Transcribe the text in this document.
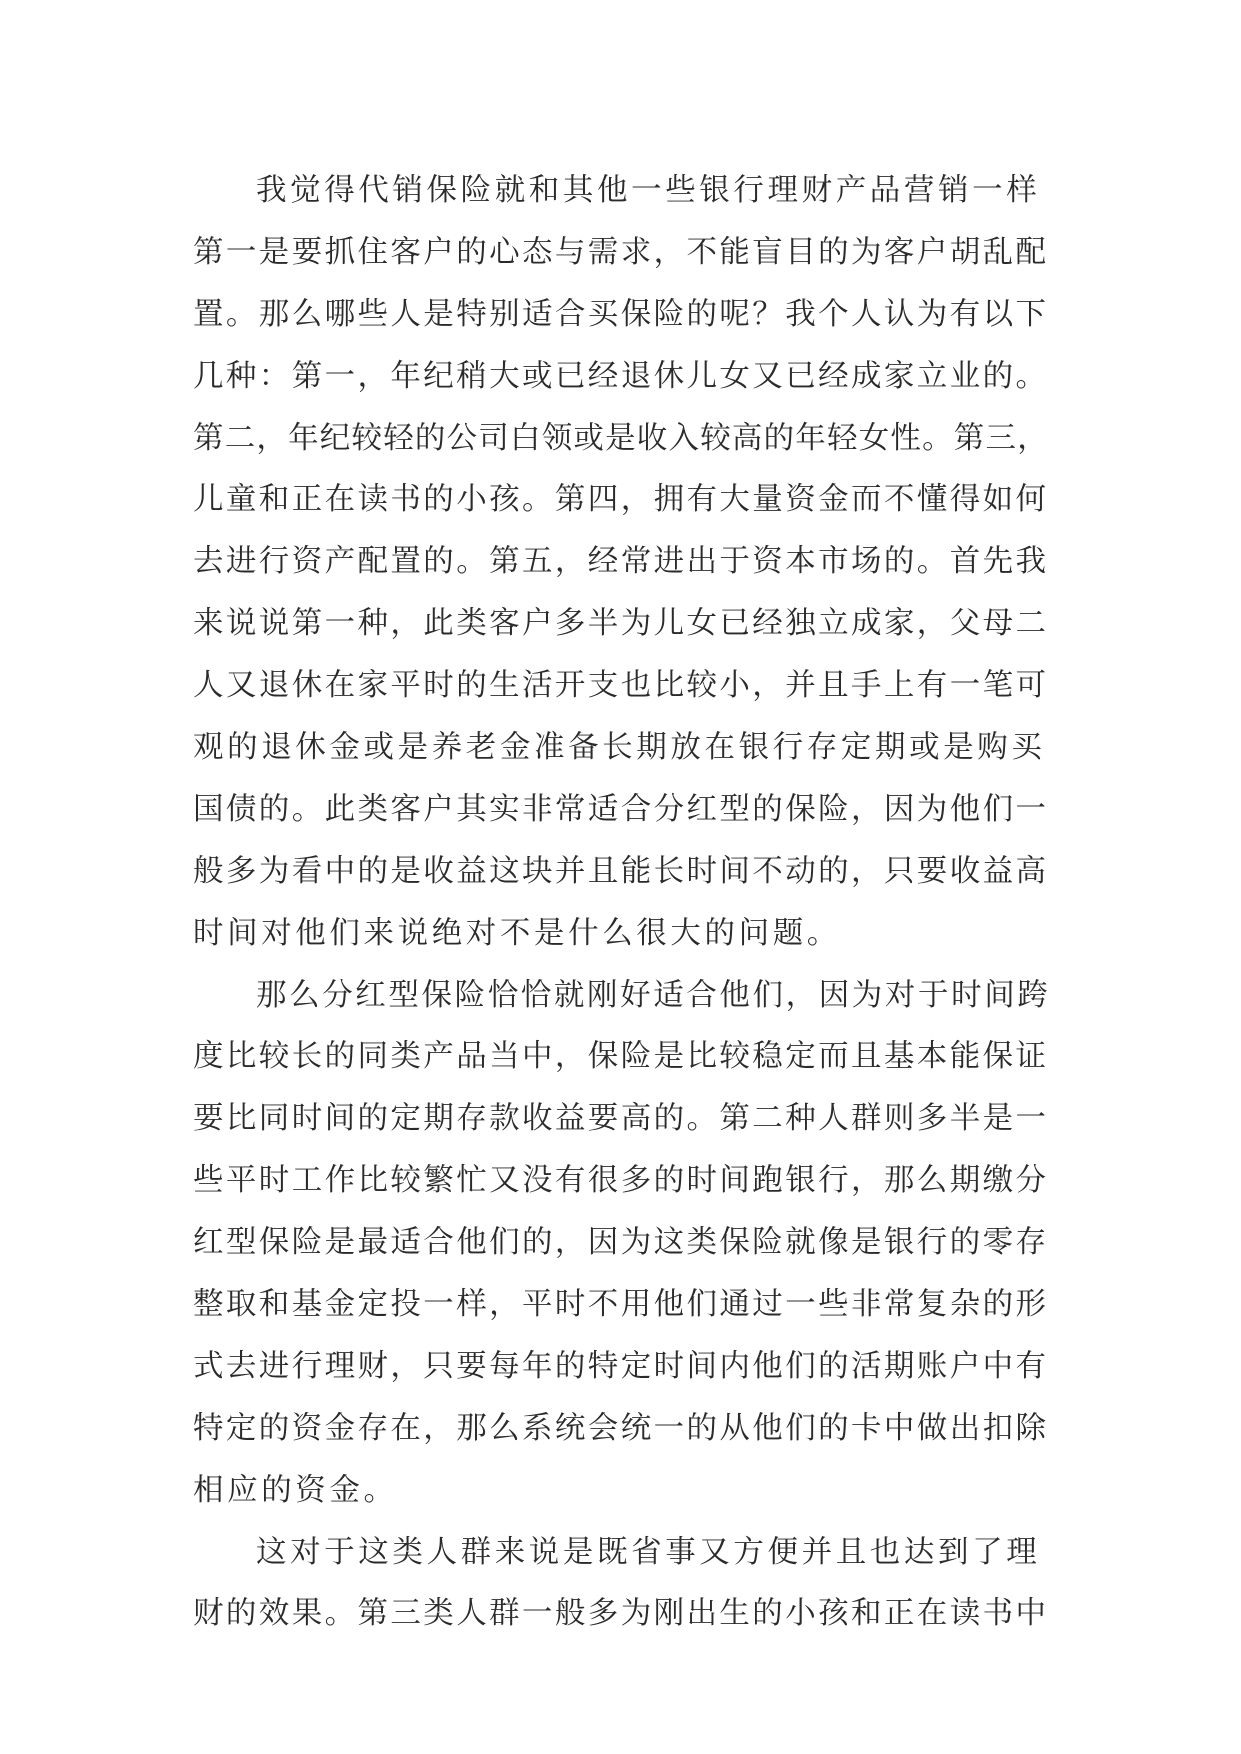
我觉得代销保险就和其他一些银行理财产品营销一样
第一是要抓住客户的心态与需求，不能盲目的为客户胡乱配
置。那么哪些人是特别适合买保险的呢？我个人认为有以下
几种：第一，年纪稍大或已经退休儿女又已经成家立业的。
第二，年纪较轻的公司白领或是收入较高的年轻女性。第三，
儿童和正在读书的小孩。第四，拥有大量资金而不懂得如何
去进行资产配置的。第五，经常进出于资本市场的。首先我
来说说第一种，此类客户多半为儿女已经独立成家，父母二
人又退休在家平时的生活开支也比较小，并且手上有一笔可
观的退休金或是养老金准备长期放在银行存定期或是购买
国债的。此类客户其实非常适合分红型的保险，因为他们一
般多为看中的是收益这块并且能长时间不动的，只要收益高
时间对他们来说绝对不是什么很大的问题。
那么分红型保险恰恰就刚好适合他们，因为对于时间跨
度比较长的同类产品当中，保险是比较稳定而且基本能保证
要比同时间的定期存款收益要高的。第二种人群则多半是一
些平时工作比较繁忙又没有很多的时间跑银行，那么期缴分
红型保险是最适合他们的，因为这类保险就像是银行的零存
整取和基金定投一样，平时不用他们通过一些非常复杂的形
式去进行理财，只要每年的特定时间内他们的活期账户中有
特定的资金存在，那么系统会统一的从他们的卡中做出扣除
相应的资金。
这对于这类人群来说是既省事又方便并且也达到了理
财的效果。第三类人群一般多为刚出生的小孩和正在读书中
